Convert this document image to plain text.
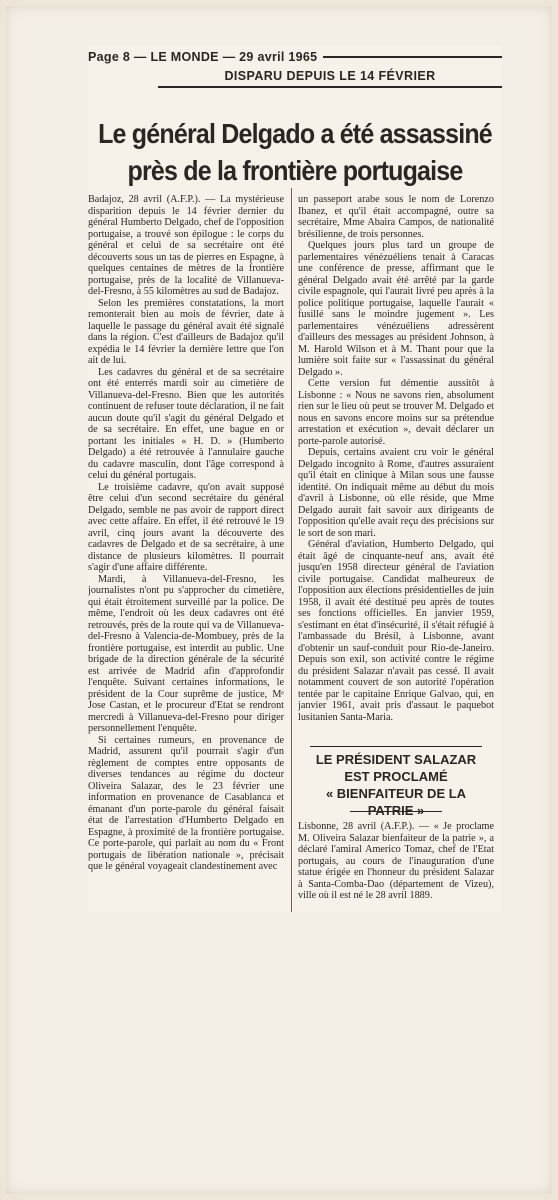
Page 8 — LE MONDE — 29 avril 1965
DISPARU DEPUIS LE 14 FÉVRIER
Le général Delgado a été assassiné
près de la frontière portugaise

Badajoz, 28 avril (A.F.P.). — La mystérieuse disparition depuis le 14 février dernier du général Humberto Delgado, chef de l'opposition portugaise, a trouvé son épilogue : le corps du général et celui de sa secrétaire ont été découverts sous un tas de pierres en Espagne, à quelques centaines de mètres de la frontière portugaise, près de la localité de Villanueva-del-Fresno, à 55 kilomètres au sud de Badajoz.

Selon les premières constatations, la mort remonterait bien au mois de février, date à laquelle le passage du général avait été signalé dans la région. C'est d'ailleurs de Badajoz qu'il expédia le 14 février la dernière lettre que l'on ait de lui.

Les cadavres du général et de sa secrétaire ont été enterrés mardi soir au cimetière de Villanueva-del-Fresno. Bien que les autorités continuent de refuser toute déclaration, il ne fait aucun doute qu'il s'agit du général Delgado et de sa secrétaire. En effet, une bague en or portant les initiales « H. D. » (Humberto Delgado) a été retrouvée à l'annulaire gauche du cadavre masculin, dont l'âge correspond à celui du général portugais.

Le troisième cadavre, qu'on avait supposé être celui d'un second secrétaire du général Delgado, semble ne pas avoir de rapport direct avec cette affaire. En effet, il été retrouvé le 19 avril, cinq jours avant la découverte des cadavres de Delgado et de sa secrétaire, à une distance de plusieurs kilomètres. Il pourrait s'agir d'une affaire différente.

Mardi, à Villanueva-del-Fresno, les journalistes n'ont pu s'approcher du cimetière, qui était étroitement surveillé par la police. De même, l'endroit où les deux cadavres ont été retrouvés, près de la route qui va de Villanueva-del-Fresno à Valencia-de-Mombuey, près de la frontière portugaise, est interdit au public. Une brigade de la direction générale de la sécurité est arrivée de Madrid afin d'approfondir l'enquête. Suivant certaines informations, le président de la Cour suprême de justice, Mᵉ Jose Castan, et le procureur d'Etat se rendront mercredi à Villanueva-del-Fresno pour diriger personnellement l'enquête.

Si certaines rumeurs, en provenance de Madrid, assurent qu'il pourrait s'agir d'un règlement de comptes entre opposants de diverses tendances au régime du docteur Oliveira Salazar, des le 23 février une information en provenance de Casablanca et émanant d'un porte-parole du général faisait état de l'arrestation d'Humberto Delgado en Espagne, à proximité de la frontière portugaise. Ce porte-parole, qui parlait au nom du « Front portugais de libération nationale », précisait que le général voyageait clandestinement avec

un passeport arabe sous le nom de Lorenzo Ibanez, et qu'il était accompagné, outre sa secrétaire, Mme Abaira Campos, de nationalité brésilienne, de trois personnes.

Quelques jours plus tard un groupe de parlementaires vénézuéliens tenait à Caracas une conférence de presse, affirmant que le général Delgado avait été arrêté par la garde civile espagnole, qui l'aurait livré peu après à la police politique portugaise, laquelle l'aurait « fusillé sans le moindre jugement ». Les parlementaires vénézuéliens adressèrent d'ailleurs des messages au président Johnson, à M. Harold Wilson et à M. Thant pour que la lumière soit faite sur « l'assassinat du général Delgado ».

Cette version fut démentie aussitôt à Lisbonne : « Nous ne savons rien, absolument rien sur le lieu où peut se trouver M. Delgado et nous en savons encore moins sur sa prétendue arrestation et exécution », devait déclarer un porte-parole autorisé.

Depuis, certains avaient cru voir le général Delgado incognito à Rome, d'autres assuraient qu'il était en clinique à Milan sous une fausse identité. On indiquait même au début du mois d'avril à Lisbonne, où elle réside, que Mme Delgado aurait fait savoir aux dirigeants de l'opposition qu'elle avait reçu des précisions sur le sort de son mari.

Général d'aviation, Humberto Delgado, qui était âgé de cinquante-neuf ans, avait été jusqu'en 1958 directeur général de l'aviation civile portugaise. Candidat malheureux de l'opposition aux élections présidentielles de juin 1958, il avait été destitué peu après de toutes ses fonctions officielles. En janvier 1959, s'estimant en état d'insécurité, il s'était réfugié à l'ambassade du Brésil, à Lisbonne, avant d'obtenir un sauf-conduit pour Rio-de-Janeiro. Depuis son exil, son activité contre le régime du président Salazar n'avait pas cessé. Il avait notamment couvert de son autorité l'opération tentée par le capitaine Enrique Galvao, qui, en janvier 1961, avait pris d'assaut le paquebot lusitanien Santa-Maria.

LE PRÉSIDENT SALAZAR
EST PROCLAMÉ
« BIENFAITEUR DE LA PATRIE »

Lisbonne, 28 avril (A.F.P.). — « Je proclame M. Oliveira Salazar bienfaiteur de la patrie », a déclaré l'amiral Americo Tomaz, chef de l'Etat portugais, au cours de l'inauguration d'une statue érigée en l'honneur du président Salazar à Santa-Comba-Dao (département de Vizeu), ville où il est né le 28 avril 1889.
